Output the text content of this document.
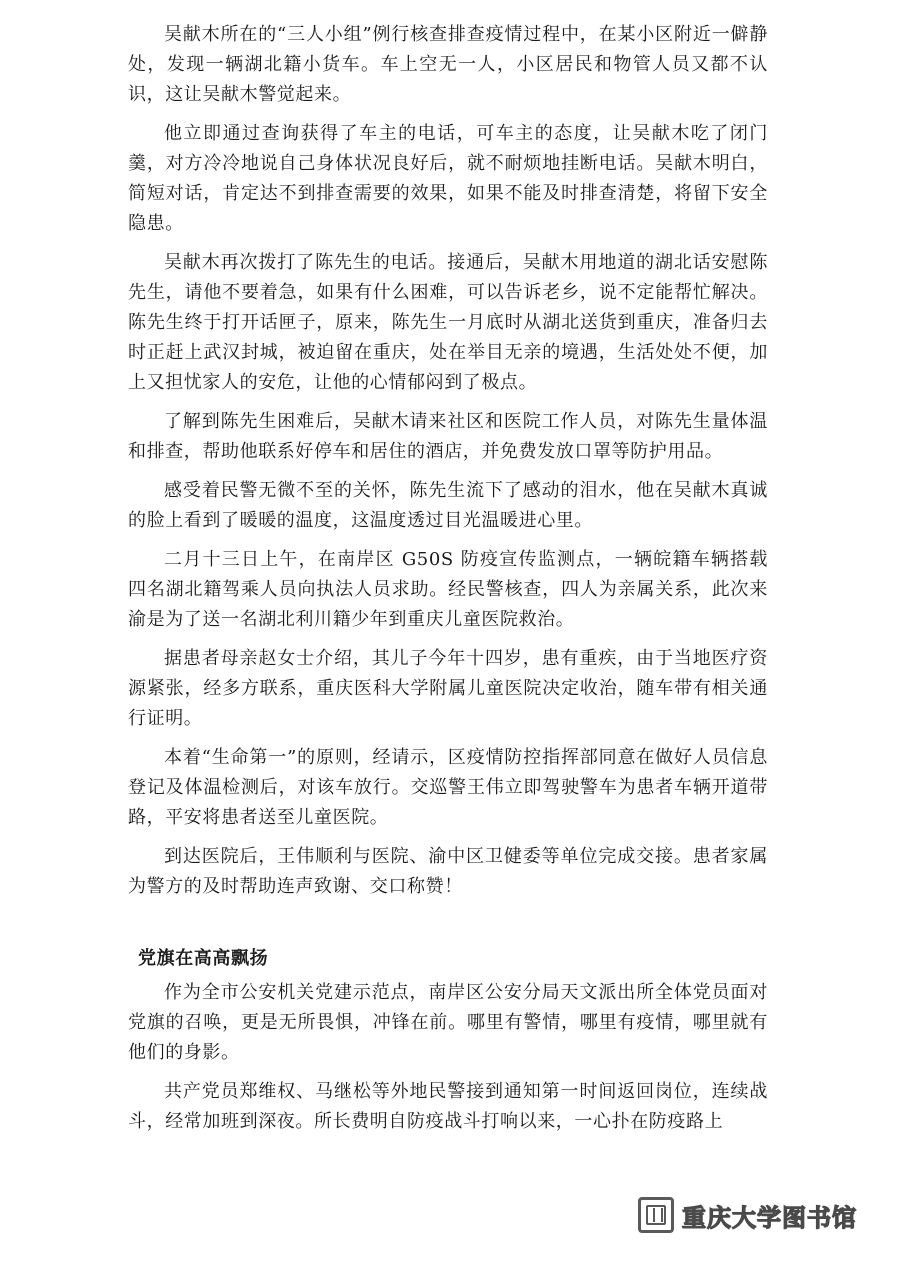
吴献木所在的“三人小组”例行核查排查疫情过程中，在某小区附近一僻静处，发现一辆湖北籍小货车。车上空无一人，小区居民和物管人员又都不认识，这让吴献木警觉起来。

他立即通过查询获得了车主的电话，可车主的态度，让吴献木吃了闭门羹，对方冷冷地说自己身体状况良好后，就不耐烦地挂断电话。吴献木明白，简短对话，肯定达不到排查需要的效果，如果不能及时排查清楚，将留下安全隐患。

吴献木再次拨打了陈先生的电话。接通后，吴献木用地道的湖北话安慰陈先生，请他不要着急，如果有什么困难，可以告诉老乡，说不定能帮忙解决。陈先生终于打开话匣子，原来，陈先生一月底时从湖北送货到重庆，准备归去时正赶上武汉封城，被迫留在重庆，处在举目无亲的境遇，生活处处不便，加上又担忧家人的安危，让他的心情郁闷到了极点。

了解到陈先生困难后，吴献木请来社区和医院工作人员，对陈先生量体温和排查，帮助他联系好停车和居住的酒店，并免费发放口罩等防护用品。

感受着民警无微不至的关怀，陈先生流下了感动的泪水，他在吴献木真诚的脸上看到了暖暖的温度，这温度透过目光温暖进心里。

二月十三日上午，在南岸区 G50S 防疫宣传监测点，一辆皖籍车辆搭载四名湖北籍驾乘人员向执法人员求助。经民警核查，四人为亲属关系，此次来渝是为了送一名湖北利川籍少年到重庆儿童医院救治。

据患者母亲赵女士介绍，其儿子今年十四岁，患有重疾，由于当地医疗资源紧张，经多方联系，重庆医科大学附属儿童医院决定收治，随车带有相关通行证明。

本着“生命第一”的原则，经请示，区疫情防控指挥部同意在做好人员信息登记及体温检测后，对该车放行。交巡警王伟立即驾驶警车为患者车辆开道带路，平安将患者送至儿童医院。

到达医院后，王伟顺利与医院、渝中区卫健委等单位完成交接。患者家属为警方的及时帮助连声致谢、交口称赞！

党旗在高高飘扬

作为全市公安机关党建示范点，南岸区公安分局天文派出所全体党员面对党旗的召唤，更是无所畏惧，冲锋在前。哪里有警情，哪里有疫情，哪里就有他们的身影。

共产党员郑维权、马继松等外地民警接到通知第一时间返回岗位，连续战斗，经常加班到深夜。所长费明自防疫战斗打响以来，一心扑在防疫路上

重庆大学图书馆
